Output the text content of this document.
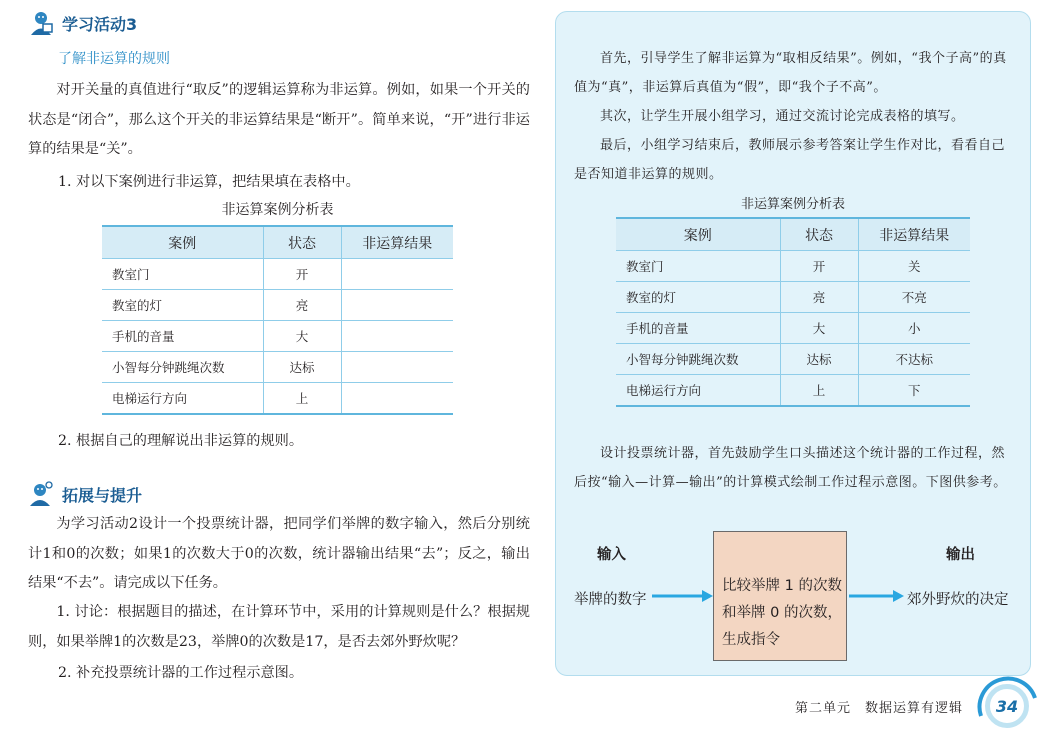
学习活动3
了解非运算的规则

对开关量的真值进行“取反”的逻辑运算称为非运算。例如，如果一个开关的状态是“闭合”，那么这个开关的非运算结果是“断开”。简单来说，“开”进行非运算的结果是“关”。

1. 对以下案例进行非运算，把结果填在表格中。
非运算案例分析表
案例	状态	非运算结果
教室门	开	
教室的灯	亮	
手机的音量	大	
小智每分钟跳绳次数	达标	
电梯运行方向	上	
2. 根据自己的理解说出非运算的规则。
拓展与提升

为学习活动2设计一个投票统计器，把同学们举牌的数字输入，然后分别统计1和0的次数；如果1的次数大于0的次数，统计器输出结果“去”；反之，输出结果“不去”。请完成以下任务。

1. 讨论：根据题目的描述，在计算环节中，采用的计算规则是什么？根据规则，如果举牌1的次数是23，举牌0的次数是17，是否去郊外野炊呢？

2. 补充投票统计器的工作过程示意图。

首先，引导学生了解非运算为“取相反结果”。例如，“我个子高”的真值为“真”，非运算后真值为“假”，即“我个子不高”。

其次，让学生开展小组学习，通过交流讨论完成表格的填写。

最后，小组学习结束后，教师展示参考答案让学生作对比，看看自己是否知道非运算的规则。

非运算案例分析表
案例	状态	非运算结果
教室门	开	关
教室的灯	亮	不亮
手机的音量	大	小
小智每分钟跳绳次数	达标	不达标
电梯运行方向	上	下

设计投票统计器，首先鼓励学生口头描述这个统计器的工作过程，然后按“输入—计算—输出”的计算模式绘制工作过程示意图。下图供参考。

输入	输出
比较举牌 1 的次数
和举牌 0 的次数，
生成指令
举牌的数字	郊外野炊的决定
第二单元　数据运算有逻辑	34
